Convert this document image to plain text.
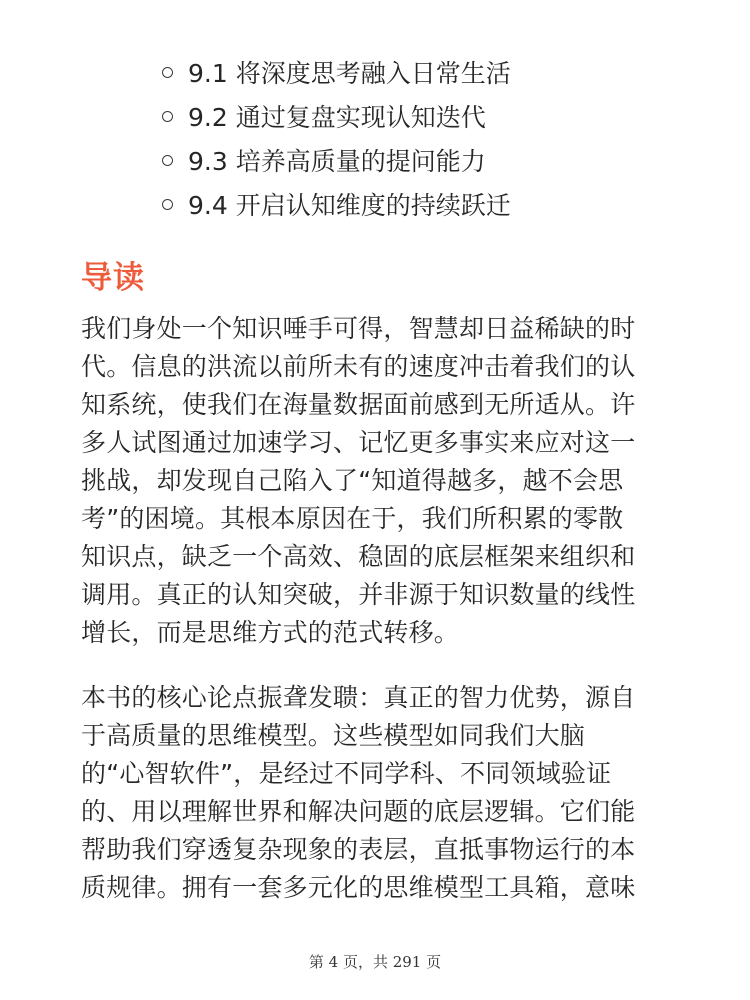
9.1 将深度思考融入日常生活
9.2 通过复盘实现认知迭代
9.3 培养高质量的提问能力
9.4 开启认知维度的持续跃迁
导读

我们身处一个知识唾手可得，智慧却日益稀缺的时
代。信息的洪流以前所未有的速度冲击着我们的认
知系统，使我们在海量数据面前感到无所适从。许
多人试图通过加速学习、记忆更多事实来应对这一
挑战，却发现自己陷入了“知道得越多，越不会思
考”的困境。其根本原因在于，我们所积累的零散
知识点，缺乏一个高效、稳固的底层框架来组织和
调用。真正的认知突破，并非源于知识数量的线性
增长，而是思维方式的范式转移。

本书的核心论点振聋发聩：真正的智力优势，源自
于高质量的思维模型。这些模型如同我们大脑
的“心智软件”，是经过不同学科、不同领域验证
的、用以理解世界和解决问题的底层逻辑。它们能
帮助我们穿透复杂现象的表层，直抵事物运行的本
质规律。拥有一套多元化的思维模型工具箱，意味

第 4 页，共 291 页
